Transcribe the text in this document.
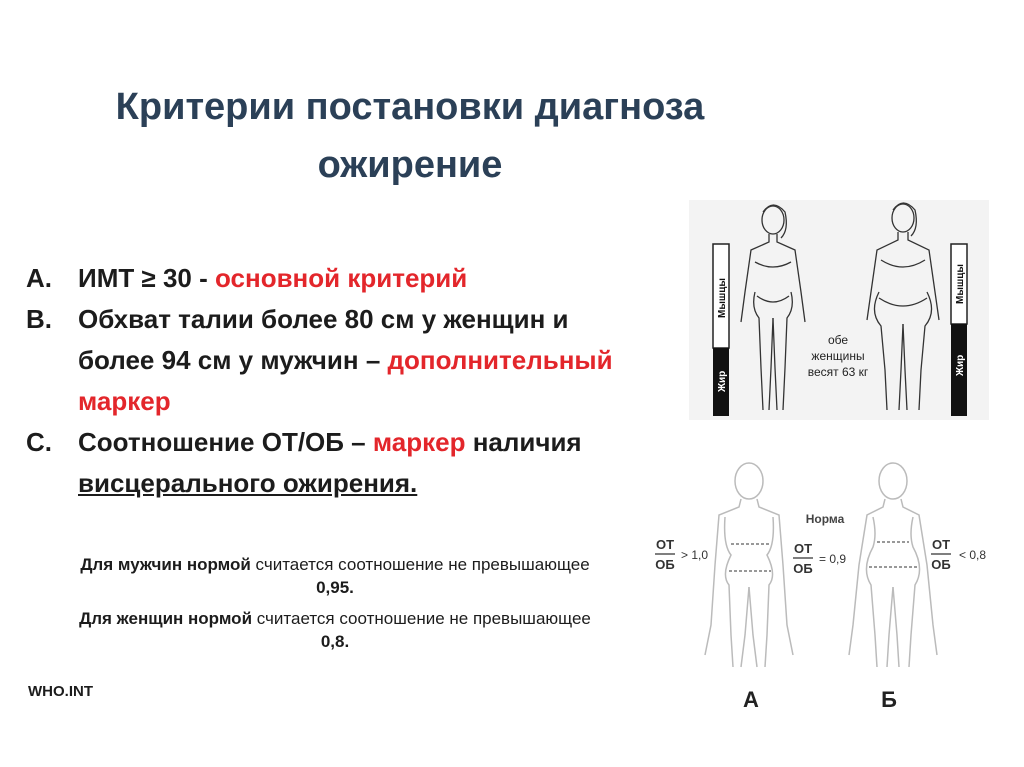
Критерии постановки диагноза
ожирение
A. ИМТ ≥ 30 - основной критерий
B. Обхват талии более 80 см у женщин и более 94 см у мужчин – дополнительный маркер
C. Соотношение ОТ/ОБ – маркер наличия висцерального ожирения.
Для мужчин нормой считается соотношение не превышающее 0,95.
Для женщин нормой считается соотношение не превышающее 0,8.
WHO.INT
Мышцы
Жир
Мышцы
Жир
обе
женщины
весят 63 кг
Норма
ОТ
ОБ
> 1,0	ОТ
ОБ
= 0,9
ОТ
ОБ
< 0,8
А	Б
